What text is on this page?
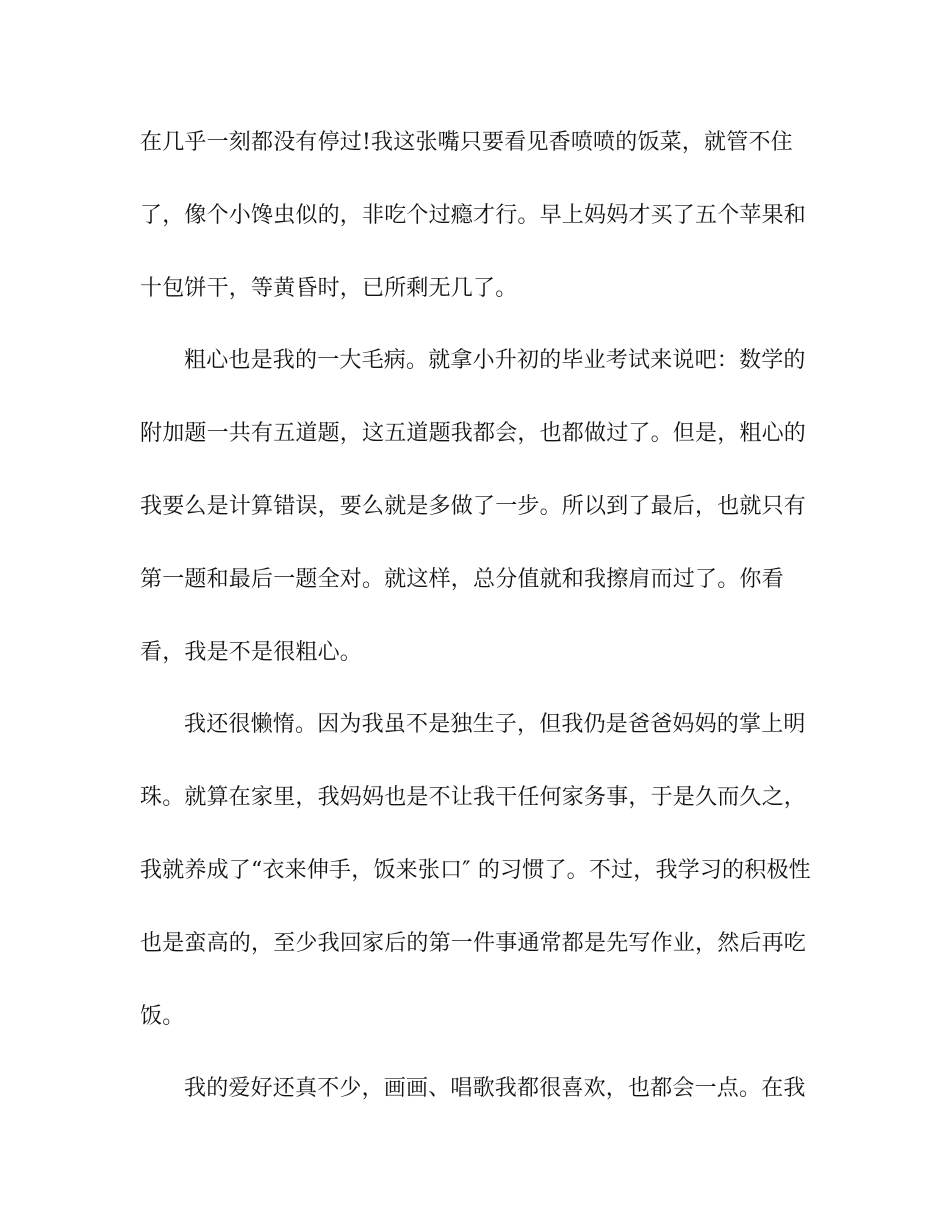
在几乎一刻都没有停过!我这张嘴只要看见香喷喷的饭菜，就管不住
了，像个小馋虫似的，非吃个过瘾才行。早上妈妈才买了五个苹果和
十包饼干，等黄昏时，已所剩无几了。
粗心也是我的一大毛病。就拿小升初的毕业考试来说吧：数学的
附加题一共有五道题，这五道题我都会，也都做过了。但是，粗心的
我要么是计算错误，要么就是多做了一步。所以到了最后，也就只有
第一题和最后一题全对。就这样，总分值就和我擦肩而过了。你看
看，我是不是很粗心。
我还很懒惰。因为我虽不是独生子，但我仍是爸爸妈妈的掌上明
珠。就算在家里，我妈妈也是不让我干任何家务事，于是久而久之，
我就养成了“衣来伸手，饭来张口″ 的习惯了。不过，我学习的积极性
也是蛮高的，至少我回家后的第一件事通常都是先写作业，然后再吃
饭。
我的爱好还真不少，画画、唱歌我都很喜欢，也都会一点。在我
